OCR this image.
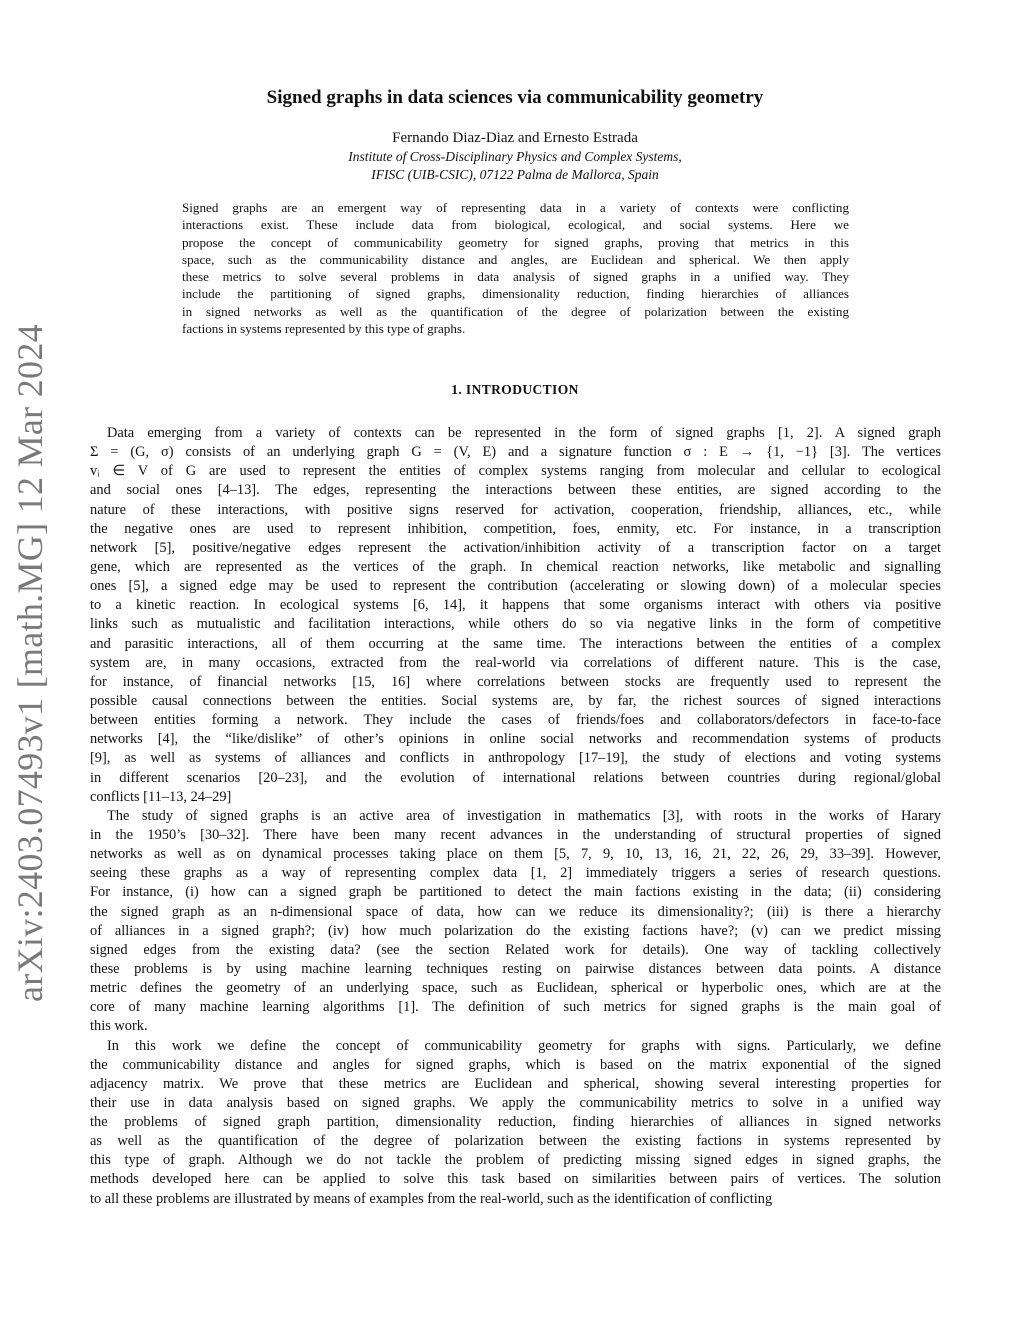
arXiv:2403.07493v1 [math.MG] 12 Mar 2024
Signed graphs in data sciences via communicability geometry
Fernando Diaz-Diaz and Ernesto Estrada
Institute of Cross-Disciplinary Physics and Complex Systems,
IFISC (UIB-CSIC), 07122 Palma de Mallorca, Spain
Signed graphs are an emergent way of representing data in a variety of contexts were conflicting
interactions exist. These include data from biological, ecological, and social systems. Here we
propose the concept of communicability geometry for signed graphs, proving that metrics in this
space, such as the communicability distance and angles, are Euclidean and spherical. We then apply
these metrics to solve several problems in data analysis of signed graphs in a unified way. They
include the partitioning of signed graphs, dimensionality reduction, finding hierarchies of alliances
in signed networks as well as the quantification of the degree of polarization between the existing
factions in systems represented by this type of graphs.
1. INTRODUCTION
Data emerging from a variety of contexts can be represented in the form of signed graphs [1, 2]. A signed graph
Σ = (G, σ) consists of an underlying graph G = (V, E) and a signature function σ : E → {1, −1} [3]. The vertices
vᵢ ∈ V of G are used to represent the entities of complex systems ranging from molecular and cellular to ecological
and social ones [4–13]. The edges, representing the interactions between these entities, are signed according to the
nature of these interactions, with positive signs reserved for activation, cooperation, friendship, alliances, etc., while
the negative ones are used to represent inhibition, competition, foes, enmity, etc. For instance, in a transcription
network [5], positive/negative edges represent the activation/inhibition activity of a transcription factor on a target
gene, which are represented as the vertices of the graph. In chemical reaction networks, like metabolic and signalling
ones [5], a signed edge may be used to represent the contribution (accelerating or slowing down) of a molecular species
to a kinetic reaction. In ecological systems [6, 14], it happens that some organisms interact with others via positive
links such as mutualistic and facilitation interactions, while others do so via negative links in the form of competitive
and parasitic interactions, all of them occurring at the same time. The interactions between the entities of a complex
system are, in many occasions, extracted from the real-world via correlations of different nature. This is the case,
for instance, of financial networks [15, 16] where correlations between stocks are frequently used to represent the
possible causal connections between the entities. Social systems are, by far, the richest sources of signed interactions
between entities forming a network. They include the cases of friends/foes and collaborators/defectors in face-to-face
networks [4], the “like/dislike” of other’s opinions in online social networks and recommendation systems of products
[9], as well as systems of alliances and conflicts in anthropology [17–19], the study of elections and voting systems
in different scenarios [20–23], and the evolution of international relations between countries during regional/global
conflicts [11–13, 24–29]
The study of signed graphs is an active area of investigation in mathematics [3], with roots in the works of Harary
in the 1950’s [30–32]. There have been many recent advances in the understanding of structural properties of signed
networks as well as on dynamical processes taking place on them [5, 7, 9, 10, 13, 16, 21, 22, 26, 29, 33–39]. However,
seeing these graphs as a way of representing complex data [1, 2] immediately triggers a series of research questions.
For instance, (i) how can a signed graph be partitioned to detect the main factions existing in the data; (ii) considering
the signed graph as an n-dimensional space of data, how can we reduce its dimensionality?; (iii) is there a hierarchy
of alliances in a signed graph?; (iv) how much polarization do the existing factions have?; (v) can we predict missing
signed edges from the existing data? (see the section Related work for details). One way of tackling collectively
these problems is by using machine learning techniques resting on pairwise distances between data points. A distance
metric defines the geometry of an underlying space, such as Euclidean, spherical or hyperbolic ones, which are at the
core of many machine learning algorithms [1]. The definition of such metrics for signed graphs is the main goal of
this work.
In this work we define the concept of communicability geometry for graphs with signs. Particularly, we define
the communicability distance and angles for signed graphs, which is based on the matrix exponential of the signed
adjacency matrix. We prove that these metrics are Euclidean and spherical, showing several interesting properties for
their use in data analysis based on signed graphs. We apply the communicability metrics to solve in a unified way
the problems of signed graph partition, dimensionality reduction, finding hierarchies of alliances in signed networks
as well as the quantification of the degree of polarization between the existing factions in systems represented by
this type of graph. Although we do not tackle the problem of predicting missing signed edges in signed graphs, the
methods developed here can be applied to solve this task based on similarities between pairs of vertices. The solution
to all these problems are illustrated by means of examples from the real-world, such as the identification of conflicting
